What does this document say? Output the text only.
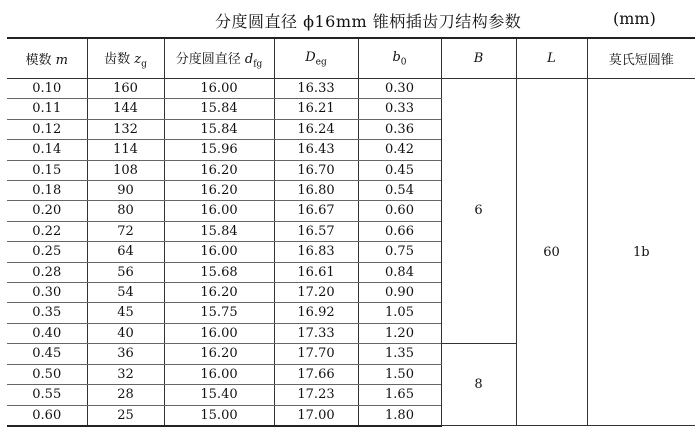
分度圆直径 ϕ16mm 锥柄插齿刀结构参数	(mm)
模数 m	齿数 $z_g$	分度圆直径 $d_{fg}$	$D_{eg}$	$b_0$	B	L	莫氏短圆锥
0.10	160	16.00	16.33	0.30	6	60	1b
0.11	144	15.84	16.21	0.33			
0.12	132	15.84	16.24	0.36			
0.14	114	15.96	16.43	0.42			
0.15	108	16.20	16.70	0.45			
0.18	90	16.20	16.80	0.54			
0.20	80	16.00	16.67	0.60			
0.22	72	15.84	16.57	0.66			
0.25	64	16.00	16.83	0.75			
0.28	56	15.68	16.61	0.84			
0.30	54	16.20	17.20	0.90			
0.35	45	15.75	16.92	1.05			
0.40	40	16.00	17.33	1.20			
0.45	36	16.20	17.70	1.35	8		
0.50	32	16.00	17.66	1.50			
0.55	28	15.40	17.23	1.65			
0.60	25	15.00	17.00	1.80			
